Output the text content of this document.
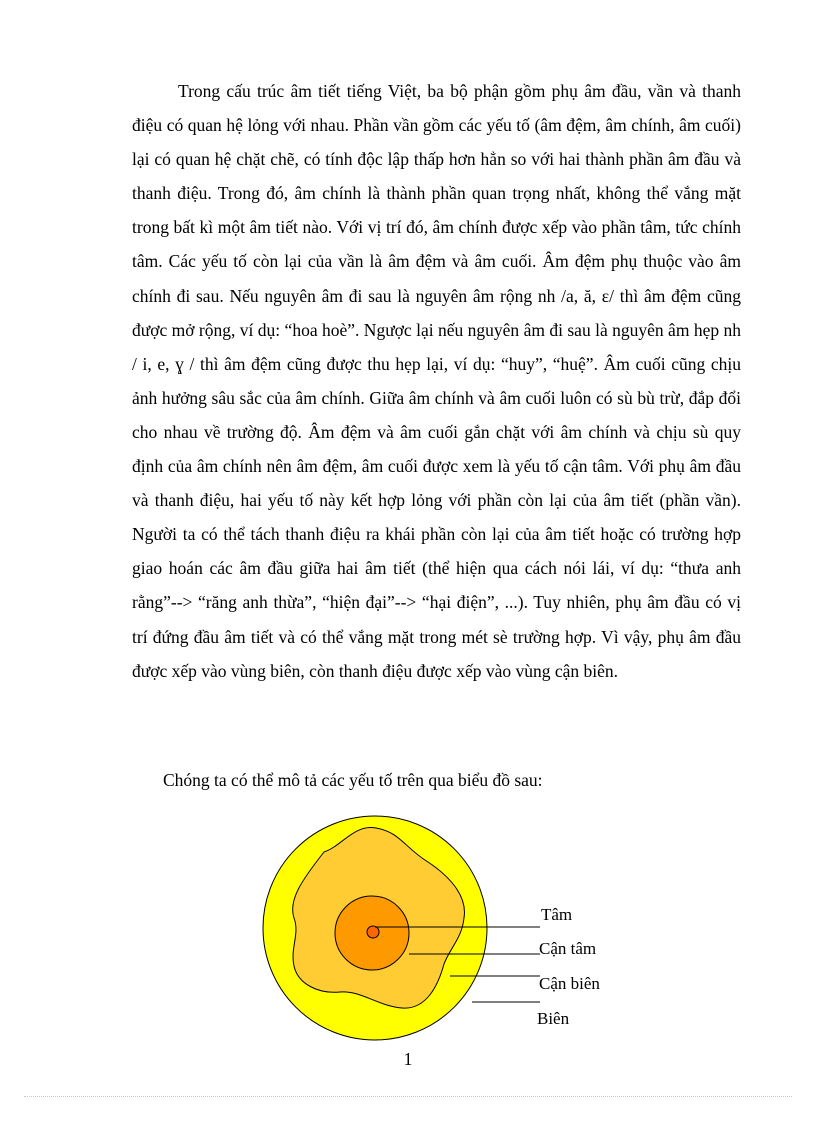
Trong cấu trúc âm tiết tiếng Việt, ba bộ phận gồm phụ âm đầu, vần và thanh điệu có quan hệ lỏng với nhau. Phần vần gồm các yếu tố (âm đệm, âm chính, âm cuối) lại có quan hệ chặt chẽ, có tính độc lập thấp hơn hẳn so với hai thành phần âm đầu và thanh điệu. Trong đó, âm chính là thành phần quan trọng nhất, không thể vắng mặt trong bất kì một âm tiết nào. Với vị trí đó, âm chính được xếp vào phần tâm, tức chính tâm. Các yếu tố còn lại của vần là âm đệm và âm cuối. Âm đệm phụ thuộc vào âm chính đi sau. Nếu nguyên âm đi sau là nguyên âm rộng nh /a, ă, ε/ thì âm đệm cũng được mở rộng, ví dụ: “hoa hoè”. Ngược lại nếu nguyên âm đi sau là nguyên âm hẹp nh / i, e, ɣ / thì âm đệm cũng được thu hẹp lại, ví dụ: “huy”, “huệ”. Âm cuối cũng chịu ảnh hưởng sâu sắc của âm chính. Giữa âm chính và âm cuối luôn có sù bù trừ, đắp đổi cho nhau về trường độ. Âm đệm và âm cuối gắn chặt với âm chính và chịu sù quy định của âm chính nên âm đệm, âm cuối được xem là yếu tố cận tâm. Với phụ âm đầu và thanh điệu, hai yếu tố này kết hợp lỏng với phần còn lại của âm tiết (phần vần). Người ta có thể tách thanh điệu ra khái phần còn lại của âm tiết hoặc có trường hợp giao hoán các âm đầu giữa hai âm tiết (thể hiện qua cách nói lái, ví dụ: “thưa anh rằng”--> “răng anh thừa”, “hiện đại”--> “hại điện”, ...). Tuy nhiên, phụ âm đầu có vị trí đứng đầu âm tiết và có thể vắng mặt trong mét sè trường hợp. Vì vậy, phụ âm đầu được xếp vào vùng biên, còn thanh điệu được xếp vào vùng cận biên.

Chóng ta có thể mô tả các yếu tố trên qua biểu đồ sau:

Tâm
Cận tâm
Cận biên
Biên
1
